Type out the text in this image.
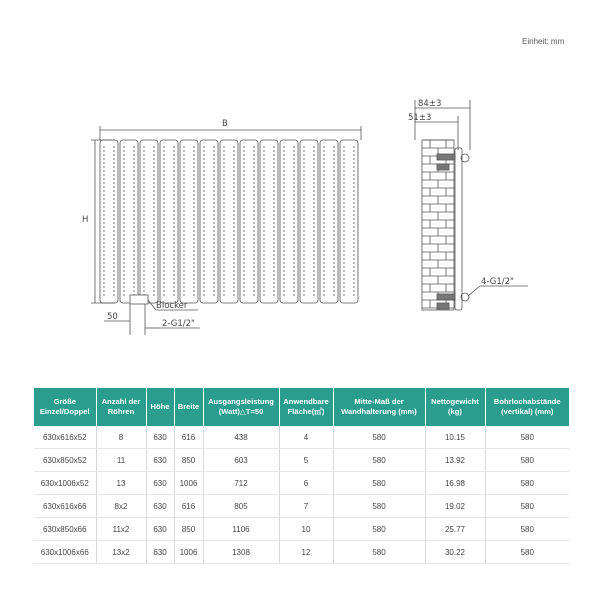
Einheit: mm
B
H
50
Blocker
2-G1/2"
84±3
51±3
4-G1/2"
Größe Einzel/Doppel	Anzahl der Röhren	Höhe	Breite	Ausgangsleistung (Watt)△T=50	Anwendbare Fläche(㎡)	Mitte-Maß der Wandhalterung (mm)	Nettogewicht (kg)	Bohrlochabstände (vertikal) (mm)
630x616x52	8	630	616	438	4	580	10.15	580
630x850x52	11	630	850	603	5	580	13.92	580
630x1006x52	13	630	1006	712	6	580	16.98	580
630x616x66	8x2	630	616	805	7	580	19.02	580
630x850x66	11x2	630	850	1106	10	580	25.77	580
630x1006x66	13x2	630	1006	1308	12	580	30.22	580
